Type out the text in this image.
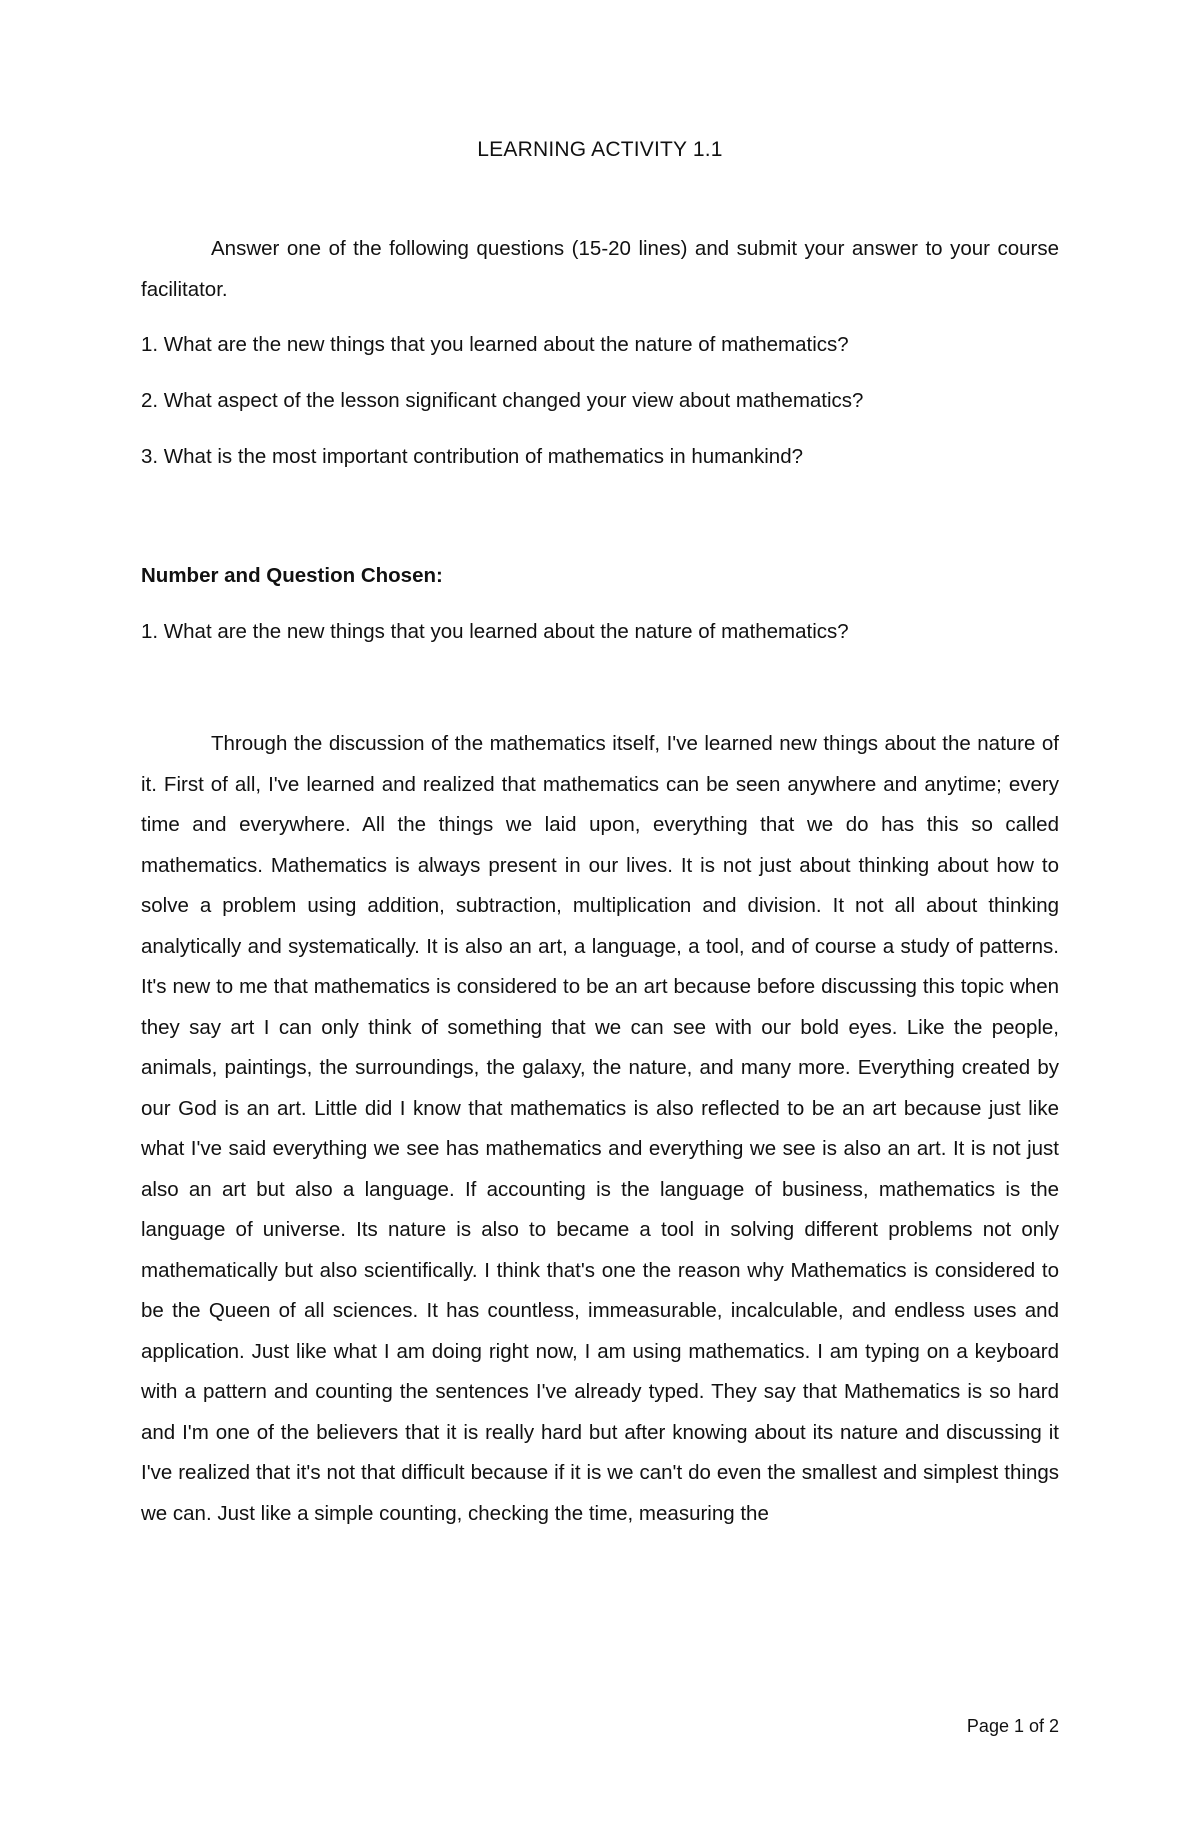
LEARNING ACTIVITY 1.1

Answer one of the following questions (15-20 lines) and submit your answer to your course facilitator.

1. What are the new things that you learned about the nature of mathematics?

2. What aspect of the lesson significant changed your view about mathematics?

3. What is the most important contribution of mathematics in humankind?

Number and Question Chosen:

1. What are the new things that you learned about the nature of mathematics?

Through the discussion of the mathematics itself, I've learned new things about the nature of it. First of all, I've learned and realized that mathematics can be seen anywhere and anytime; every time and everywhere. All the things we laid upon, everything that we do has this so called mathematics. Mathematics is always present in our lives. It is not just about thinking about how to solve a problem using addition, subtraction, multiplication and division. It not all about thinking analytically and systematically. It is also an art, a language, a tool, and of course a study of patterns. It's new to me that mathematics is considered to be an art because before discussing this topic when they say art I can only think of something that we can see with our bold eyes. Like the people, animals, paintings, the surroundings, the galaxy, the nature, and many more. Everything created by our God is an art. Little did I know that mathematics is also reflected to be an art because just like what I've said everything we see has mathematics and everything we see is also an art. It is not just also an art but also a language. If accounting is the language of business, mathematics is the language of universe. Its nature is also to became a tool in solving different problems not only mathematically but also scientifically. I think that's one the reason why Mathematics is considered to be the Queen of all sciences. It has countless, immeasurable, incalculable, and endless uses and application. Just like what I am doing right now, I am using mathematics. I am typing on a keyboard with a pattern and counting the sentences I've already typed. They say that Mathematics is so hard and I'm one of the believers that it is really hard but after knowing about its nature and discussing it I've realized that it's not that difficult because if it is we can't do even the smallest and simplest things we can. Just like a simple counting, checking the time, measuring the

Page 1 of 2
